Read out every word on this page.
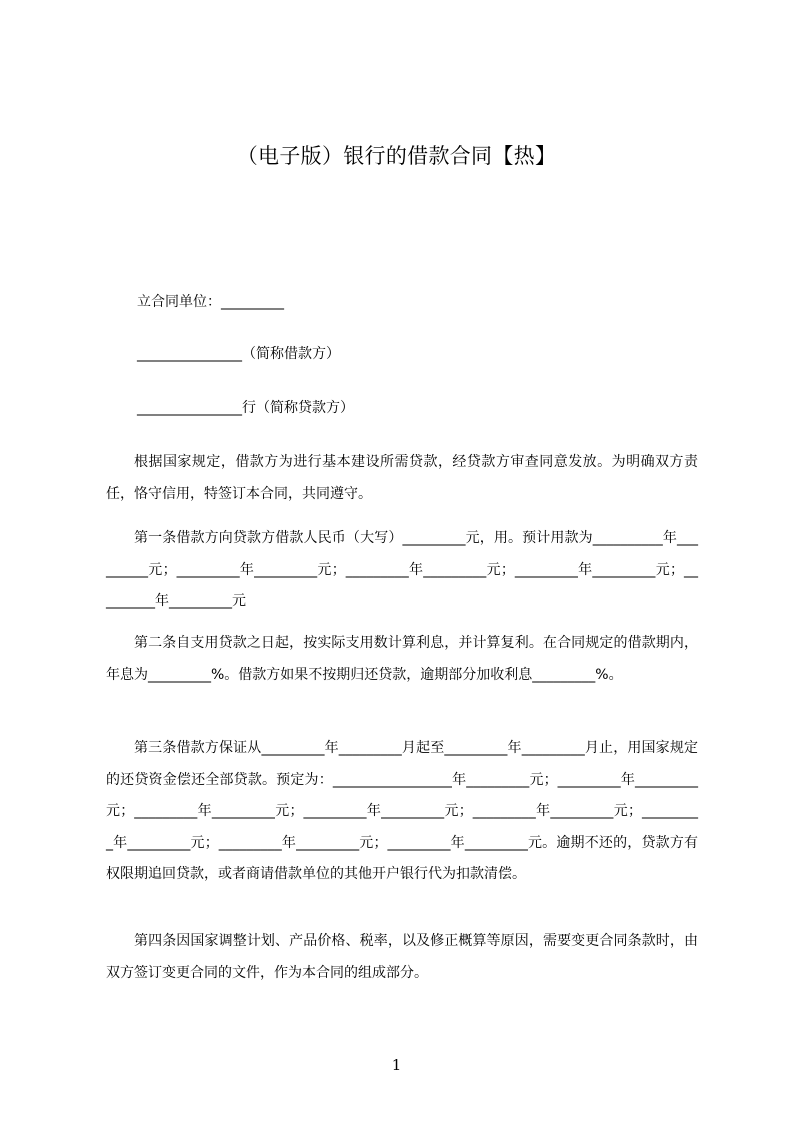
（电子版）银行的借款合同【热】
立合同单位：_________
_______________（简称借款方）
_______________行（简称贷款方）
根据国家规定，借款方为进行基本建设所需贷款，经贷款方审查同意发放。为明确双方责任，恪守信用，特签订本合同，共同遵守。
第一条借款方向贷款方借款人民币（大写）_________元，用。预计用款为__________年_________元；_________年_________元；_________年_________元；_________年_________元；_________年_________元
第二条自支用贷款之日起，按实际支用数计算利息，并计算复利。在合同规定的借款期内，年息为_________%。借款方如果不按期归还贷款，逾期部分加收利息_________%。
第三条借款方保证从_________年_________月起至_________年_________月止，用国家规定的还贷资金偿还全部贷款。预定为：_________________年_________元；_________年_________元；_________年_________元；_________年_________元；_________年_________元；_________年_________元；_________年_________元；_________年_________元。逾期不还的，贷款方有权限期追回贷款，或者商请借款单位的其他开户银行代为扣款清偿。
第四条因国家调整计划、产品价格、税率，以及修正概算等原因，需要变更合同条款时，由双方签订变更合同的文件，作为本合同的组成部分。
1
